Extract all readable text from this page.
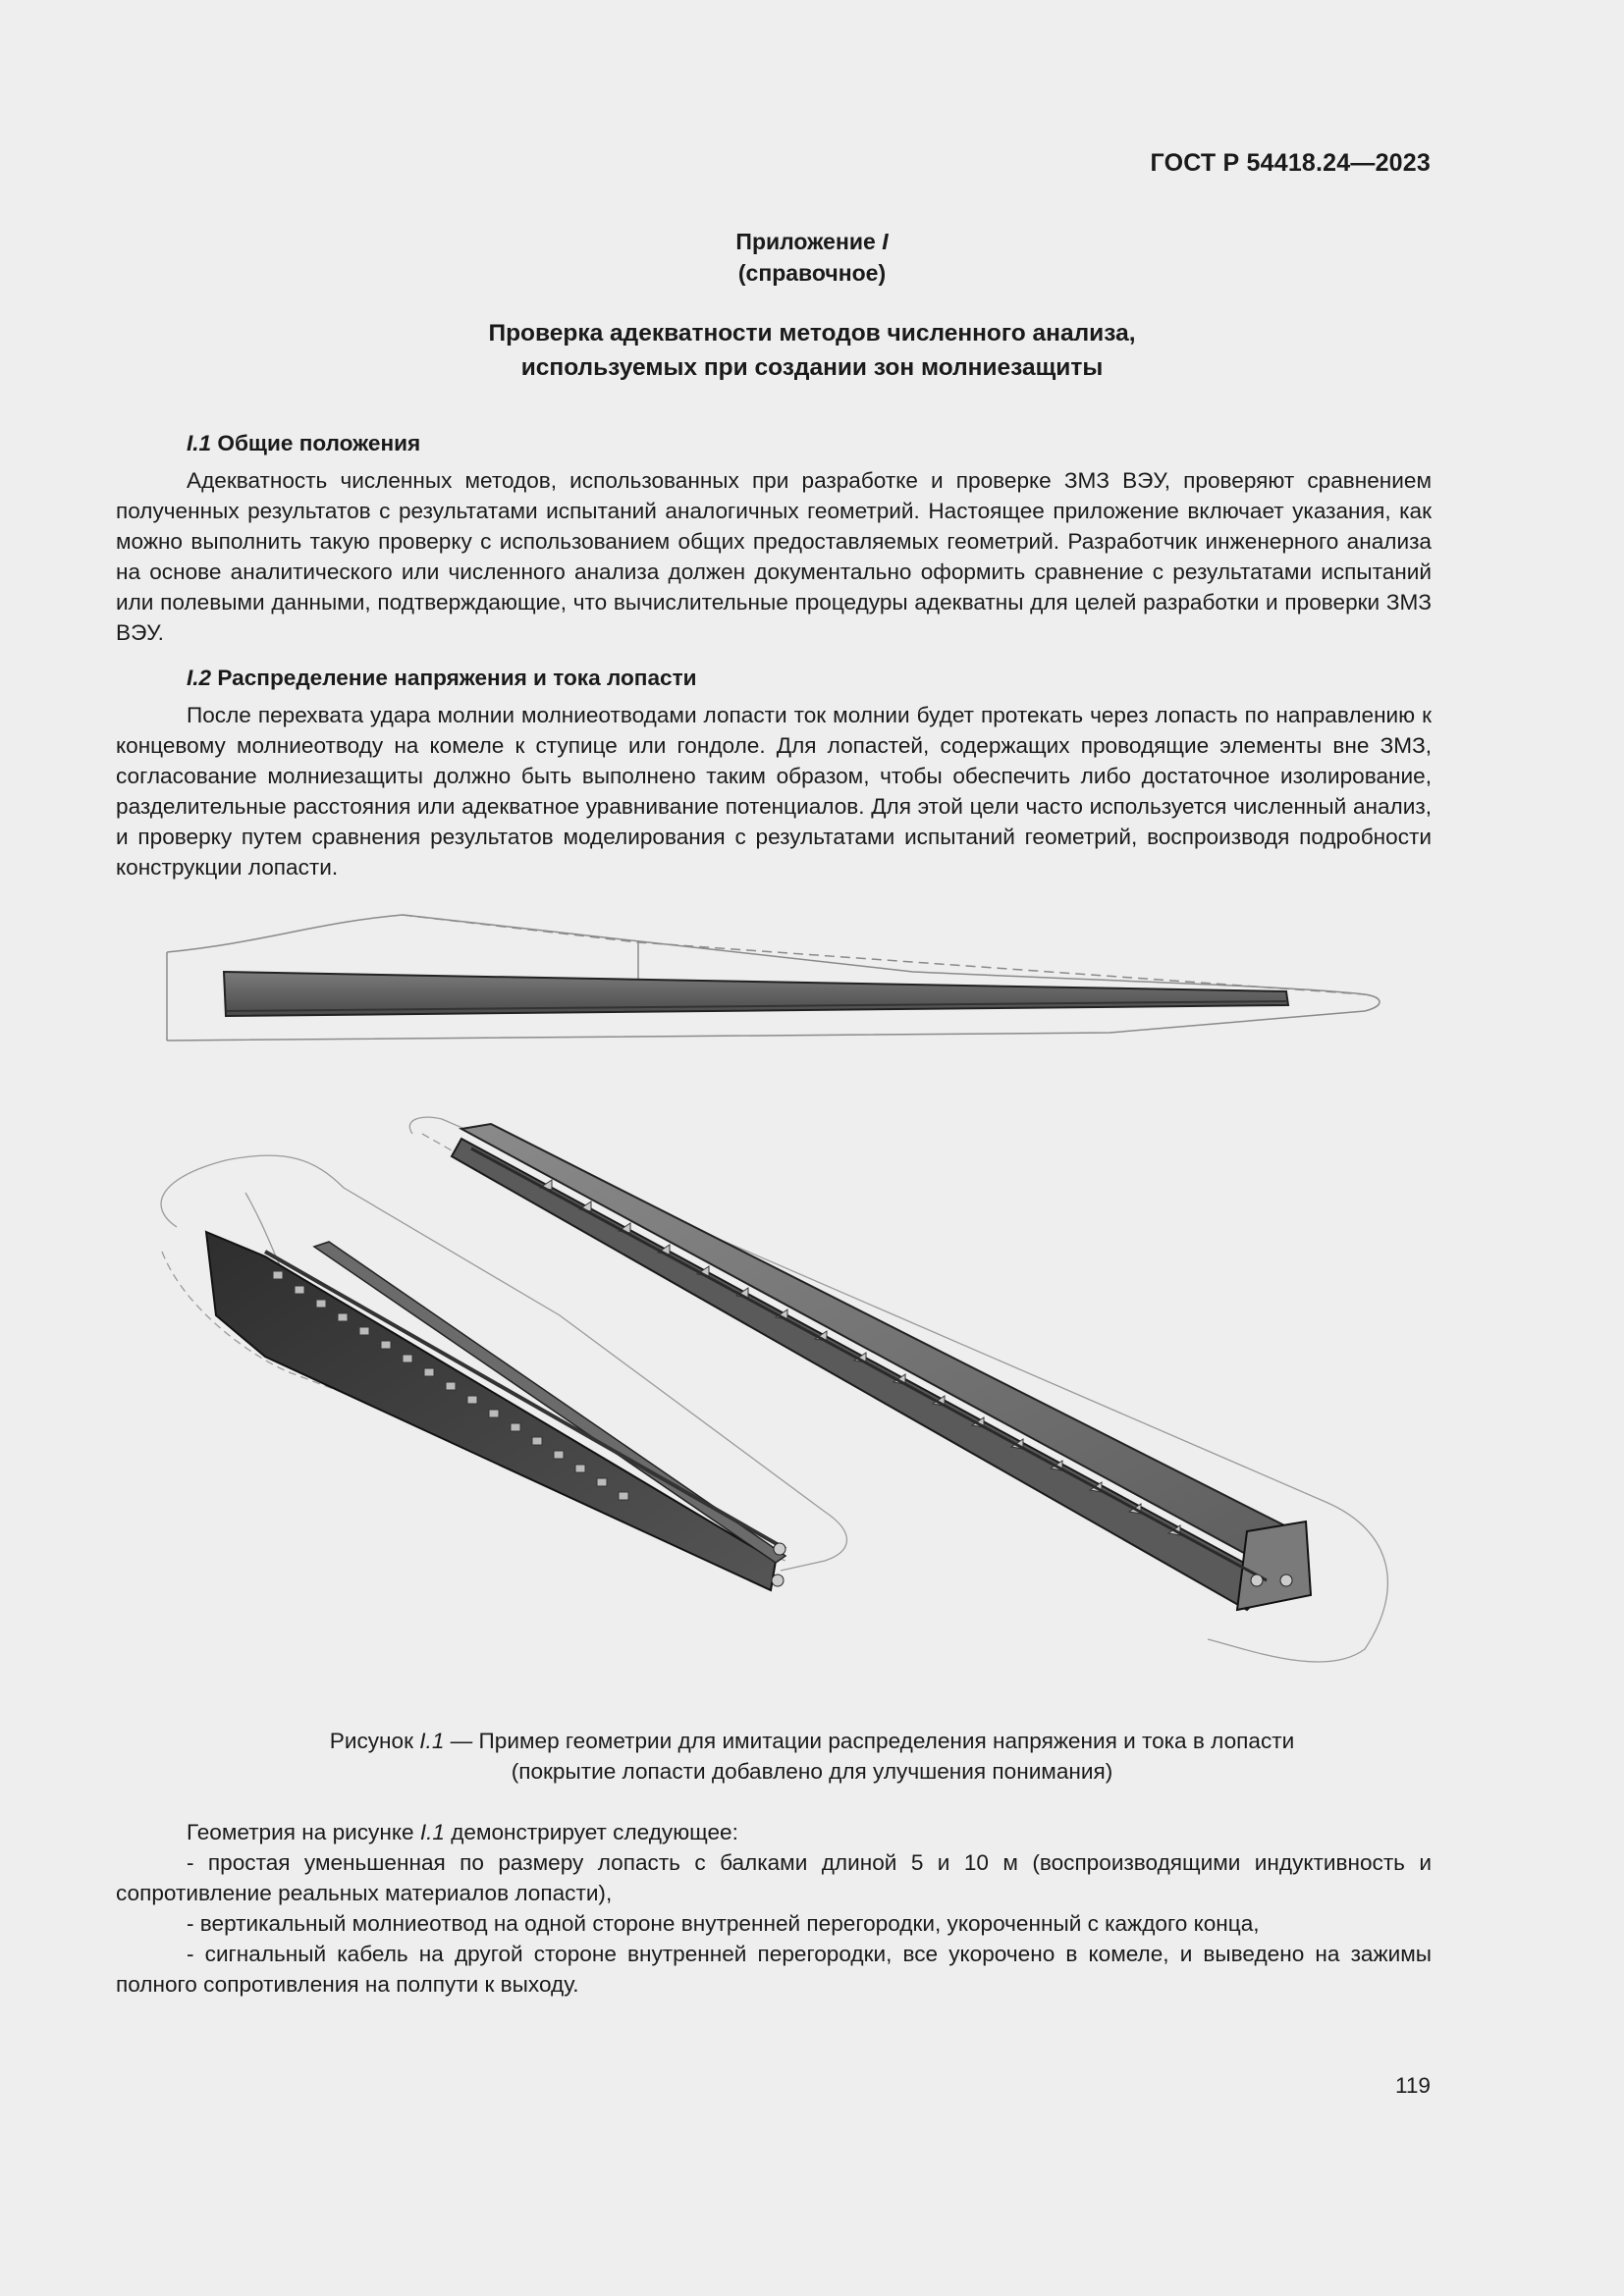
ГОСТ Р 54418.24—2023
Приложение I
(справочное)
Проверка адекватности методов численного анализа,
используемых при создании зон молниезащиты
I.1 Общие положения

Адекватность численных методов, использованных при разработке и проверке ЗМЗ ВЭУ, проверяют сравнением полученных результатов с результатами испытаний аналогичных геометрий. Настоящее приложение включает указания, как можно выполнить такую проверку с использованием общих предоставляемых геометрий. Разработчик инженерного анализа на основе аналитического или численного анализа должен документально оформить сравнение с результатами испытаний или полевыми данными, подтверждающие, что вычислительные процедуры адекватны для целей разработки и проверки ЗМЗ ВЭУ.

I.2 Распределение напряжения и тока лопасти

После перехвата удара молнии молниеотводами лопасти ток молнии будет протекать через лопасть по направлению к концевому молниеотводу на комеле к ступице или гондоле. Для лопастей, содержащих проводящие элементы вне ЗМЗ, согласование молниезащиты должно быть выполнено таким образом, чтобы обеспечить либо достаточное изолирование, разделительные расстояния или адекватное уравнивание потенциалов. Для этой цели часто используется численный анализ, и проверку путем сравнения результатов моделирования с результатами испытаний геометрий, воспроизводя подробности конструкции лопасти.

Рисунок I.1 — Пример геометрии для имитации распределения напряжения и тока в лопасти
(покрытие лопасти добавлено для улучшения понимания)

Геометрия на рисунке I.1 демонстрирует следующее:

- простая уменьшенная по размеру лопасть с балками длиной 5 и 10 м (воспроизводящими индуктивность и сопротивление реальных материалов лопасти),

- вертикальный молниеотвод на одной стороне внутренней перегородки, укороченный с каждого конца,

- сигнальный кабель на другой стороне внутренней перегородки, все укорочено в комеле, и выведено на зажимы полного сопротивления на полпути к выходу.

119
